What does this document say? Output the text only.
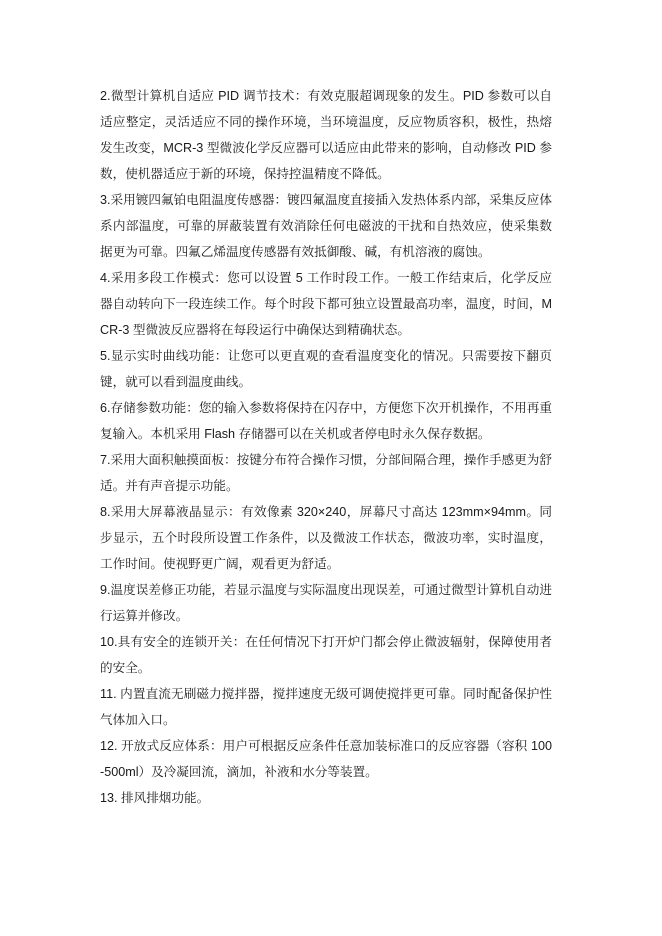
2.微型计算机自适应 PID 调节技术：有效克服超调现象的发生。PID 参数可以自适应整定，灵活适应不同的操作环境，当环境温度，反应物质容积，极性，热熔发生改变，MCR-3 型微波化学反应器可以适应由此带来的影响，自动修改 PID 参数，使机器适应于新的环境，保持控温精度不降低。

3.采用镀四氟铂电阻温度传感器：镀四氟温度直接插入发热体系内部，采集反应体系内部温度，可靠的屏蔽装置有效消除任何电磁波的干扰和自热效应，使采集数据更为可靠。四氟乙烯温度传感器有效抵御酸、碱，有机溶液的腐蚀。

4.采用多段工作模式：您可以设置 5 工作时段工作。一般工作结束后，化学反应器自动转向下一段连续工作。每个时段下都可独立设置最高功率，温度，时间，MCR-3 型微波反应器将在每段运行中确保达到精确状态。

5.显示实时曲线功能：让您可以更直观的查看温度变化的情况。只需要按下翻页键，就可以看到温度曲线。

6.存储参数功能：您的输入参数将保持在闪存中，方便您下次开机操作，不用再重复输入。本机采用 Flash 存储器可以在关机或者停电时永久保存数据。

7.采用大面积触摸面板：按键分布符合操作习惯，分部间隔合理，操作手感更为舒适。并有声音提示功能。

8.采用大屏幕液晶显示：有效像素 320×240，屏幕尺寸高达 123mm×94mm。同步显示，五个时段所设置工作条件，以及微波工作状态，微波功率，实时温度，工作时间。使视野更广阔，观看更为舒适。

9.温度误差修正功能，若显示温度与实际温度出现误差，可通过微型计算机自动进行运算并修改。

10.具有安全的连锁开关：在任何情况下打开炉门都会停止微波辐射，保障使用者的安全。

11. 内置直流无刷磁力搅拌器，搅拌速度无级可调使搅拌更可靠。同时配备保护性气体加入口。

12. 开放式反应体系：用户可根据反应条件任意加装标准口的反应容器（容积 100-500ml）及冷凝回流，滴加，补液和水分等装置。

13. 排风排烟功能。
